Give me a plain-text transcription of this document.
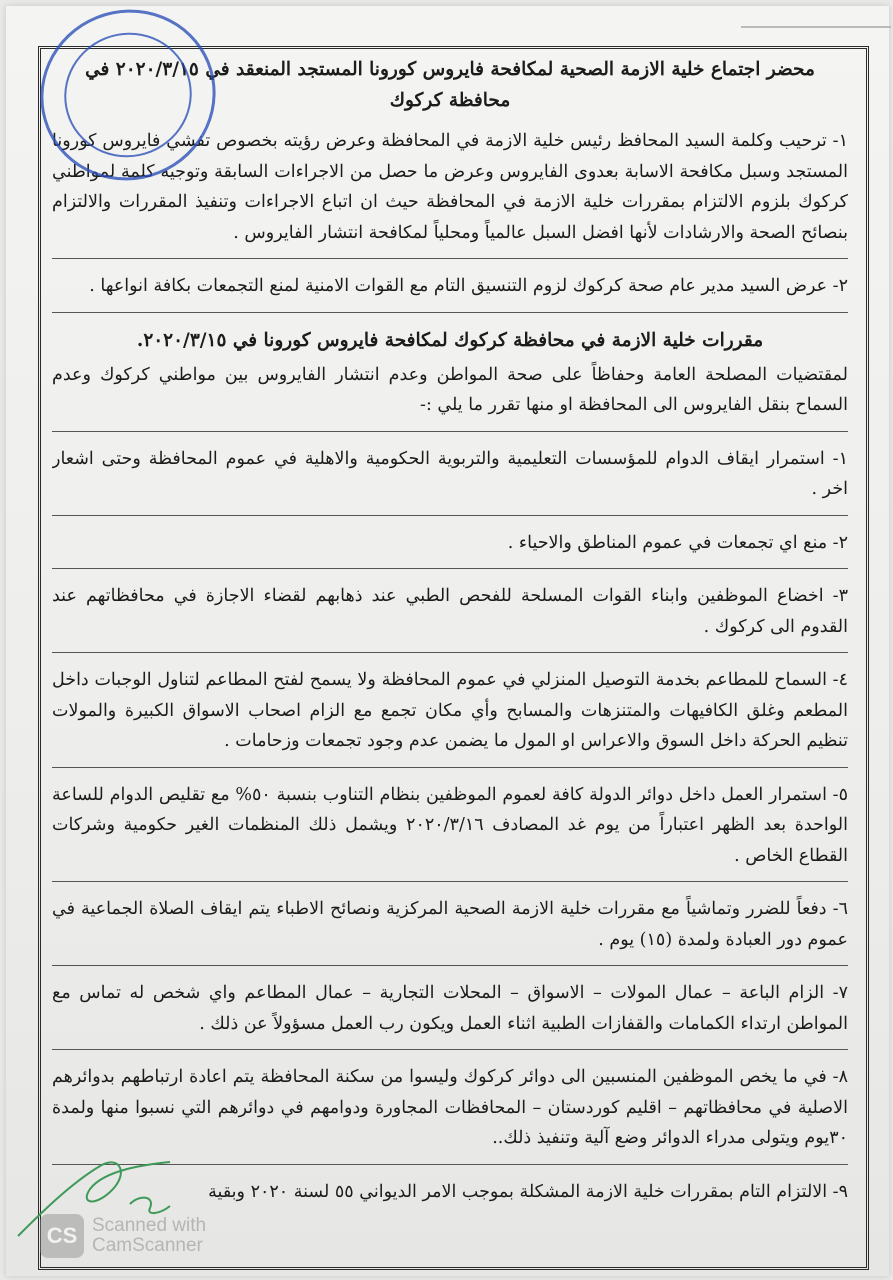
محضر اجتماع خلية الازمة الصحية لمكافحة فايروس كورونا المستجد المنعقد في ٢٠٢٠/٣/١٥ في
محافظة كركوك

١- ترحيب وكلمة السيد المحافظ رئيس خلية الازمة في المحافظة وعرض رؤيته بخصوص تفشي فايروس كورونا المستجد وسبل مكافحة الاسابة بعدوى الفايروس وعرض ما حصل من الاجراءات السابقة وتوجيه كلمة لمواطني كركوك بلزوم الالتزام بمقررات خلية الازمة في المحافظة حيث ان اتباع الاجراءات وتنفيذ المقررات والالتزام بنصائح الصحة والارشادات لأنها افضل السبل عالمياً ومحلياً لمكافحة انتشار الفايروس .

٢- عرض السيد مدير عام صحة كركوك لزوم التنسيق التام مع القوات الامنية لمنع التجمعات بكافة انواعها .

مقررات خلية الازمة في محافظة كركوك لمكافحة فايروس كورونا في ٢٠٢٠/٣/١٥.

لمقتضيات المصلحة العامة وحفاظاً على صحة المواطن وعدم انتشار الفايروس بين مواطني كركوك وعدم السماح بنقل الفايروس الى المحافظة او منها تقرر ما يلي :-

١- استمرار ايقاف الدوام للمؤسسات التعليمية والتربوية الحكومية والاهلية في عموم المحافظة وحتى اشعار اخر .

٢- منع اي تجمعات في عموم المناطق والاحياء .

٣- اخضاع الموظفين وابناء القوات المسلحة للفحص الطبي عند ذهابهم لقضاء الاجازة في محافظاتهم عند القدوم الى كركوك .

٤- السماح للمطاعم بخدمة التوصيل المنزلي في عموم المحافظة ولا يسمح لفتح المطاعم لتناول الوجبات داخل المطعم وغلق الكافيهات والمتنزهات والمسابح وأي مكان تجمع مع الزام اصحاب الاسواق الكبيرة والمولات تنظيم الحركة داخل السوق والاعراس او المول ما يضمن عدم وجود تجمعات وزحامات .

٥- استمرار العمل داخل دوائر الدولة كافة لعموم الموظفين بنظام التناوب بنسبة ٥٠% مع تقليص الدوام للساعة الواحدة بعد الظهر اعتباراً من يوم غد المصادف ٢٠٢٠/٣/١٦ ويشمل ذلك المنظمات الغير حكومية وشركات القطاع الخاص .

٦- دفعاً للضرر وتماشياً مع مقررات خلية الازمة الصحية المركزية ونصائح الاطباء يتم ايقاف الصلاة الجماعية في عموم دور العبادة ولمدة (١٥) يوم .

٧- الزام الباعة – عمال المولات – الاسواق – المحلات التجارية – عمال المطاعم واي شخص له تماس مع المواطن ارتداء الكمامات والقفازات الطبية اثناء العمل ويكون رب العمل مسؤولاً عن ذلك .

٨- في ما يخص الموظفين المنسبين الى دوائر كركوك وليسوا من سكنة المحافظة يتم اعادة ارتباطهم بدوائرهم الاصلية في محافظاتهم – اقليم كوردستان – المحافظات المجاورة ودوامهم في دوائرهم التي نسبوا منها ولمدة ٣٠يوم ويتولى مدراء الدوائر وضع آلية وتنفيذ ذلك..

٩- الالتزام التام بمقررات خلية الازمة المشكلة بموجب الامر الديواني ٥٥ لسنة ٢٠٢٠ وبقية

CS Scanned with
CamScanner
